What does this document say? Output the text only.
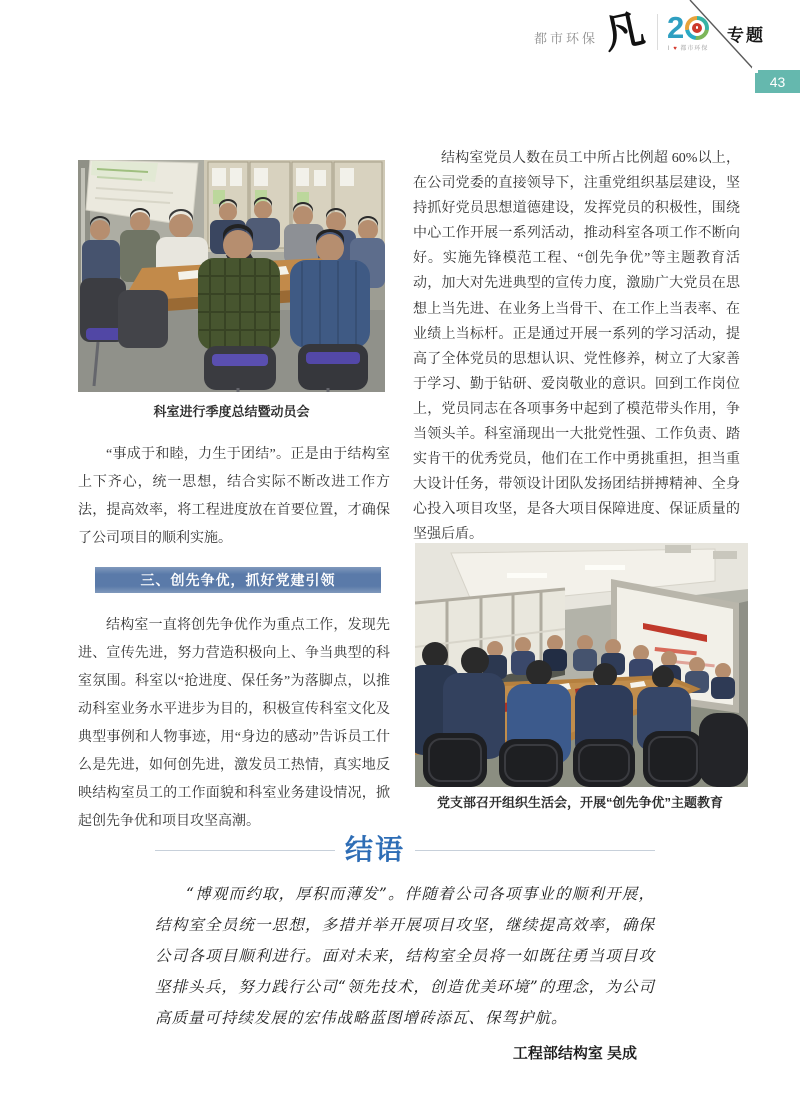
都市环保 凡 2
I ♥ 都市环保
专题
43
科室进行季度总结暨动员会

“事成于和睦，力生于团结”。正是由于结构室上下齐心，统一思想，结合实际不断改进工作方法，提高效率，将工程进度放在首要位置，才确保了公司项目的顺利实施。

三、创先争优，抓好党建引领

结构室一直将创先争优作为重点工作，发现先进、宣传先进，努力营造积极向上、争当典型的科室氛围。科室以“抢进度、保任务”为落脚点，以推动科室业务水平进步为目的，积极宣传科室文化及典型事例和人物事迹，用“身边的感动”告诉员工什么是先进，如何创先进，激发员工热情，真实地反映结构室员工的工作面貌和科室业务建设情况，掀起创先争优和项目攻坚高潮。

结构室党员人数在员工中所占比例超 60%以上，在公司党委的直接领导下，注重党组织基层建设，坚持抓好党员思想道德建设，发挥党员的积极性，围绕中心工作开展一系列活动，推动科室各项工作不断向好。实施先锋模范工程、“创先争优”等主题教育活动，加大对先进典型的宣传力度，激励广大党员在思想上当先进、在业务上当骨干、在工作上当表率、在业绩上当标杆。正是通过开展一系列的学习活动，提高了全体党员的思想认识、党性修养，树立了大家善于学习、勤于钻研、爱岗敬业的意识。回到工作岗位上，党员同志在各项事务中起到了模范带头作用，争当领头羊。科室涌现出一大批党性强、工作负责、踏实肯干的优秀党员，他们在工作中勇挑重担，担当重大设计任务，带领设计团队发扬团结拼搏精神、全身心投入项目攻坚，是各大项目保障进度、保证质量的坚强后盾。

党支部召开组织生活会，开展“创先争优”主题教育
结语

“博观而约取，厚积而薄发”。伴随着公司各项事业的顺利开展，结构室全员统一思想，多措并举开展项目攻坚，继续提高效率，确保公司各项目顺利进行。面对未来，结构室全员将一如既往勇当项目攻坚排头兵，努力践行公司“领先技术，创造优美环境”的理念，为公司高质量可持续发展的宏伟战略蓝图增砖添瓦、保驾护航。

工程部结构室 吴成
